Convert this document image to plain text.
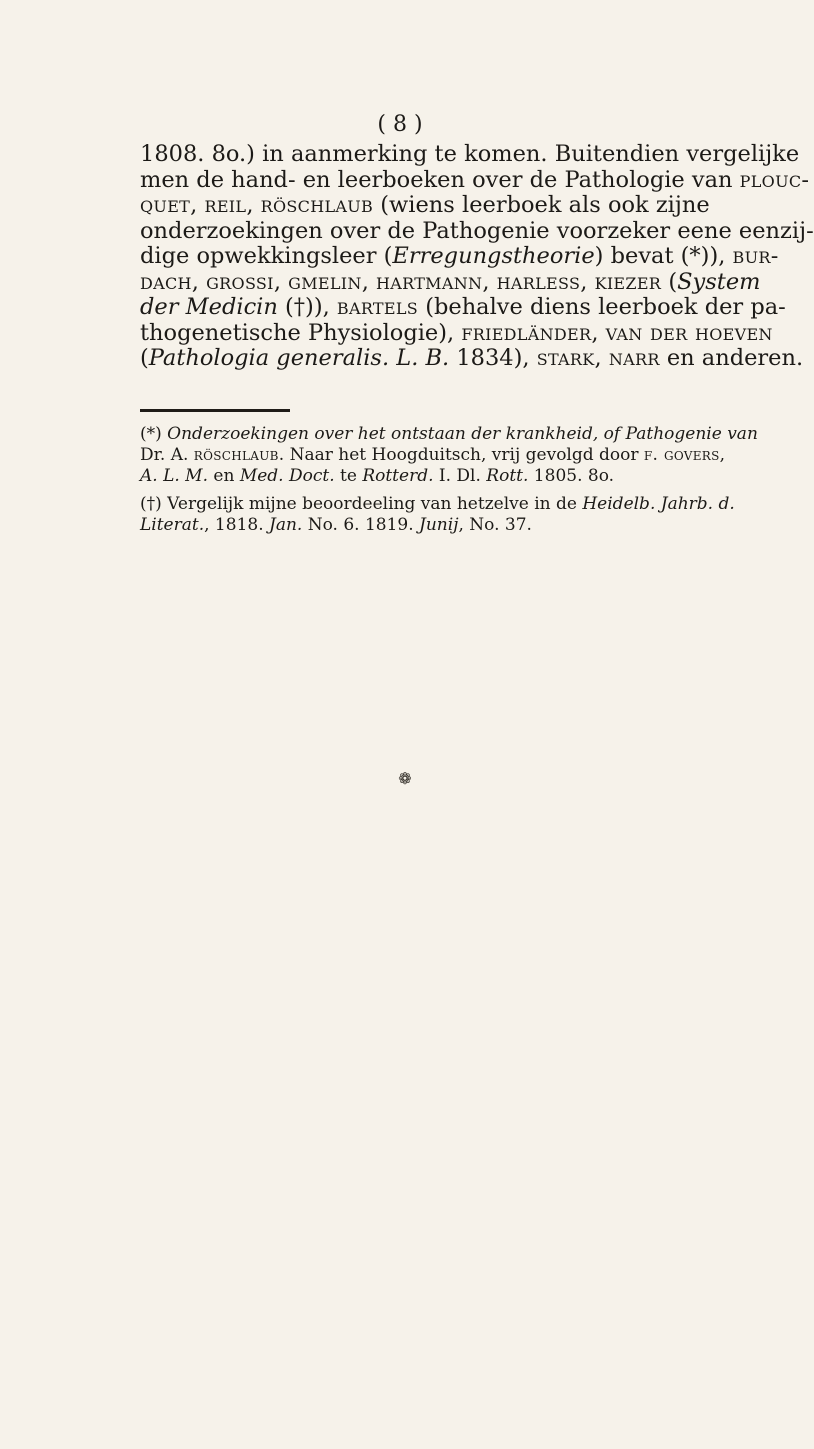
( 8 )
1808. 8o.) in aanmerking te komen. Buitendien vergelijke
men de hand- en leerboeken over de Pathologie van plouc-
quet, reil, röschlaub (wiens leerboek als ook zijne
onderzoekingen over de Pathogenie voorzeker eene eenzij-
dige opwekkingsleer (Erregungstheorie) bevat (*)), bur-
dach, grossi, gmelin, hartmann, harless, kiezer (System
der Medicin (†)), bartels (behalve diens leerboek der pa-
thogenetische Physiologie), friedländer, van der hoeven
(Pathologia generalis. L. B. 1834), stark, narr en anderen.
(*) Onderzoekingen over het ontstaan der krankheid, of Pathogenie van
Dr. A. röschlaub. Naar het Hoogduitsch, vrij gevolgd door f. govers,
A. L. M. en Med. Doct. te Rotterd. I. Dl. Rott. 1805. 8o.
(†) Vergelijk mijne beoordeeling van hetzelve in de Heidelb. Jahrb. d.
Literat., 1818. Jan. No. 6. 1819. Junij, No. 37.
❁
